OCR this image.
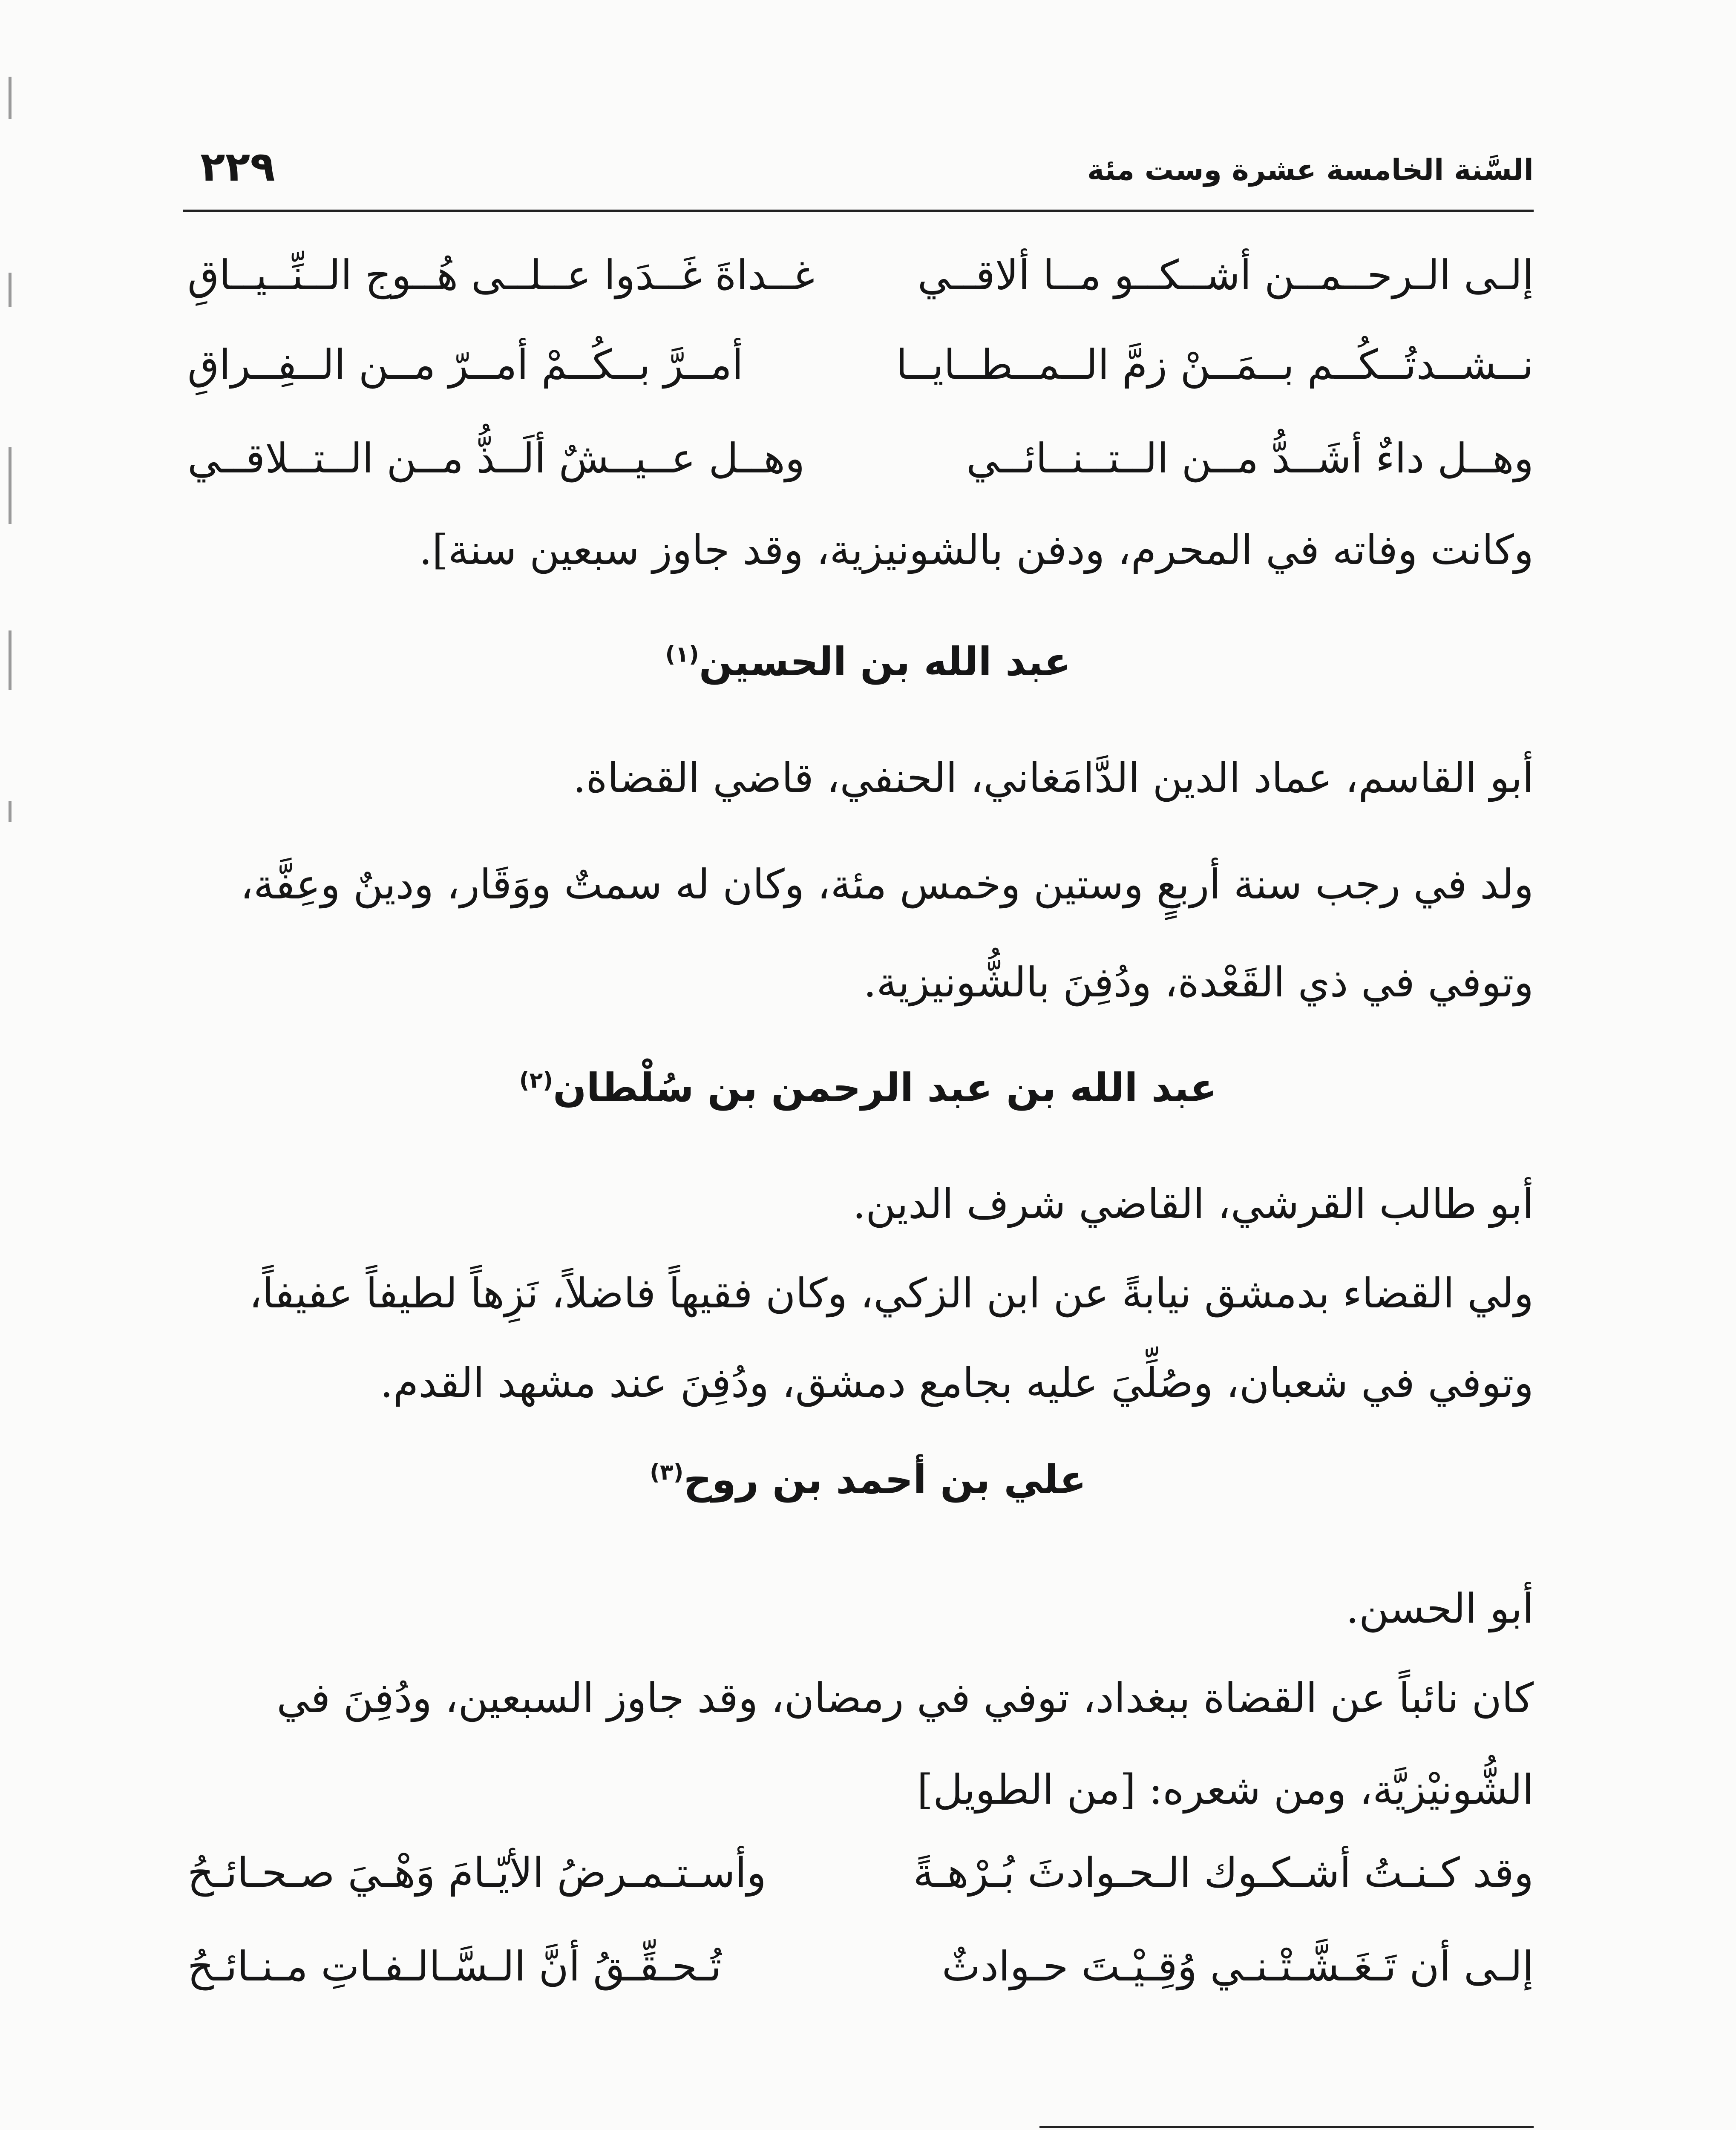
السَّنة الخامسة عشرة وست مئة
٢٢٩
إلـى الـرحــمــن أشــكــو مــا ألاقــي
غــداةَ غَــدَوا عــلــى هُــوج الــنِّــيــاقِ
نــشــدتُــكُــم بــمَــنْ زمَّ الــمــطــايــا
أمــرَّ بــكُــمْ أمــرّ مــن الــفِــراقِ
وهــل داءٌ أشَــدُّ مــن الــتــنــائــي
وهــل عــيــشٌ ألَــذُّ مــن الــتــلاقــي
وكانت وفاته في المحرم، ودفن بالشونيزية، وقد جاوز سبعين سنة].
عبد الله بن الحسين$^{(١)}$
أبو القاسم، عماد الدين الدَّامَغاني، الحنفي، قاضي القضاة.
ولد في رجب سنة أربعٍ وستين وخمس مئة، وكان له سمتٌ ووَقَار، ودينٌ وعِفَّة،
وتوفي في ذي القَعْدة، ودُفِنَ بالشُّونيزية.
عبد الله بن عبد الرحمن بن سُلْطان$^{(٢)}$
أبو طالب القرشي، القاضي شرف الدين.
ولي القضاء بدمشق نيابةً عن ابن الزكي، وكان فقيهاً فاضلاً، نَزِهاً لطيفاً عفيفاً،
وتوفي في شعبان، وصُلِّيَ عليه بجامع دمشق، ودُفِنَ عند مشهد القدم.
علي بن أحمد بن روح$^{(٣)}$
أبو الحسن.
كان نائباً عن القضاة ببغداد، توفي في رمضان، وقد جاوز السبعين، ودُفِنَ في
الشُّونيْزيَّة، ومن شعره: [من الطويل]
وقد كـنـتُ أشـكـوك الـحـوادثَ بُـرْهـةً
وأسـتـمـرضُ الأيّـامَ وَهْـيَ صـحـائـحُ
إلـى أن تَـغَـشَّـتْـنـي وُقِـيْـتَ حـوادثٌ
تُـحـقِّـقُ أنَّ الـسَّـالـفـاتِ مـنـائـحُ
